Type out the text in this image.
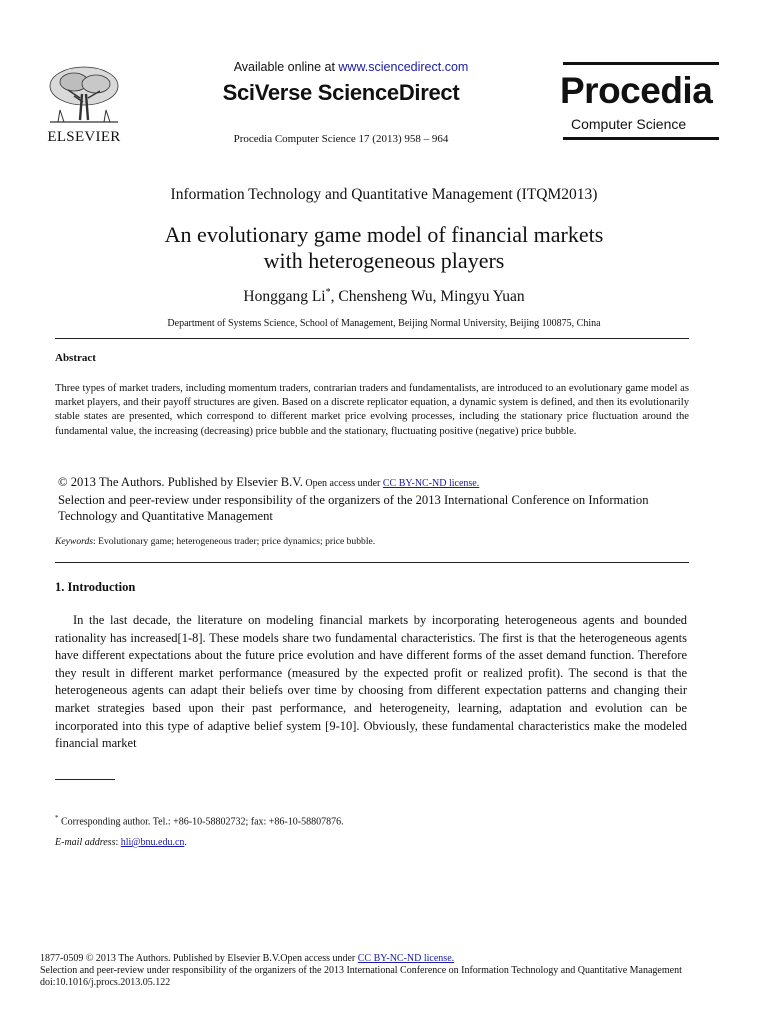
ELSEVIER
Available online at www.sciencedirect.com
SciVerse ScienceDirect
Procedia Computer Science 17 (2013) 958 – 964
Procedia
Computer Science
Information Technology and Quantitative Management (ITQM2013)
An evolutionary game model of financial markets
with heterogeneous players
Honggang Li*, Chensheng Wu, Mingyu Yuan
Department of Systems Science, School of Management, Beijing Normal University, Beijing 100875, China
Abstract
Three types of market traders, including momentum traders, contrarian traders and fundamentalists, are introduced to an evolutionary game model as market players, and their payoff structures are given. Based on a discrete replicator equation, a dynamic system is defined, and then its evolutionarily stable states are presented, which correspond to different market price evolving processes, including the stationary price fluctuation around the fundamental value, the increasing (decreasing) price bubble and the stationary, fluctuating positive (negative) price bubble.
© 2013 The Authors. Published by Elsevier B.V. Open access under CC BY-NC-ND license.
Selection and peer-review under responsibility of the organizers of the 2013 International Conference on Information Technology and Quantitative Management
Keywords: Evolutionary game; heterogeneous trader; price dynamics; price bubble.
1. Introduction
In the last decade, the literature on modeling financial markets by incorporating heterogeneous agents and bounded rationality has increased[1-8]. These models share two fundamental characteristics. The first is that the heterogeneous agents have different expectations about the future price evolution and have different forms of the asset demand function. Therefore they result in different market performance (measured by the expected profit or realized profit). The second is that the heterogeneous agents can adapt their beliefs over time by choosing from different expectation patterns and changing their market strategies based upon their past performance, and heterogeneity, learning, adaptation and evolution can be incorporated into this type of adaptive belief system [9-10]. Obviously, these fundamental characteristics make the modeled financial market
* Corresponding author. Tel.: +86-10-58802732; fax: +86-10-58807876.
E-mail address: hli@bnu.edu.cn.
1877-0509 © 2013 The Authors. Published by Elsevier B.V.Open access under CC BY-NC-ND license.
Selection and peer-review under responsibility of the organizers of the 2013 International Conference on Information Technology and Quantitative Management
doi:10.1016/j.procs.2013.05.122
